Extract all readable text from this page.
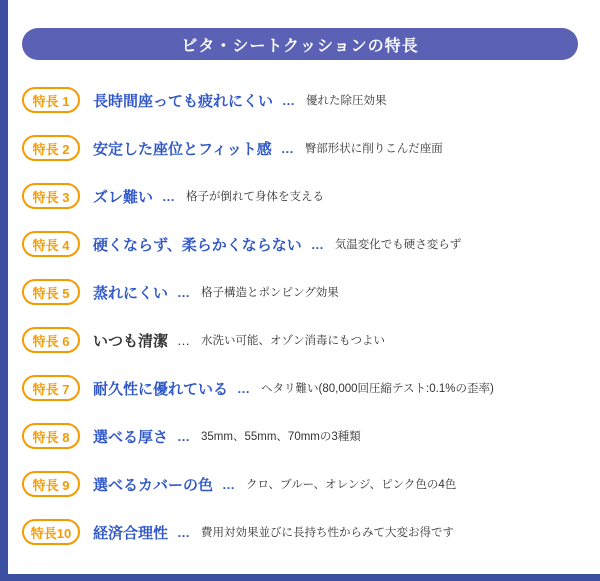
ビタ・シートクッションの特長
特長 1	長時間座っても疲れにくい … 優れた除圧効果
特長 2	安定した座位とフィット感 … 臀部形状に削りこんだ座面
特長 3	ズレ難い … 格子が倒れて身体を支える
特長 4	硬くならず、柔らかくならない … 気温変化でも硬さ変らず
特長 5	蒸れにくい … 格子構造とポンピング効果
特長 6	いつも清潔 … 水洗い可能、オゾン消毒にもつよい
特長 7	耐久性に優れている … ヘタリ難い(80,000回圧縮テスト:0.1%の歪率)
特長 8	選べる厚さ … 35mm、55mm、70mmの3種類
特長 9	選べるカバーの色 … クロ、ブルー、オレンジ、ピンク色の4色
特長10	経済合理性 … 費用対効果並びに長持ち性からみて大変お得です
